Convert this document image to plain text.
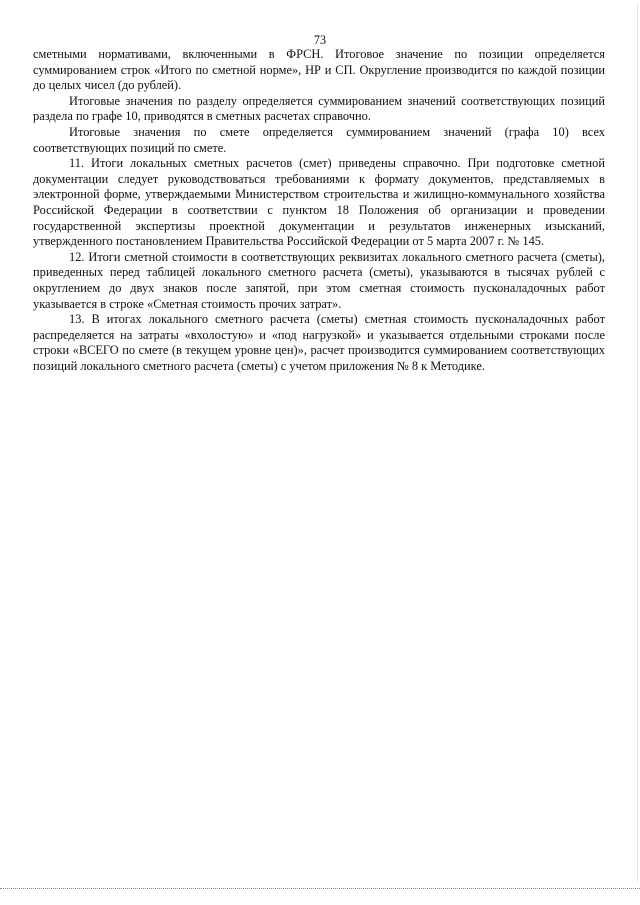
73

сметными нормативами, включенными в ФРСН. Итоговое значение по позиции определяется суммированием строк «Итого по сметной норме», НР и СП. Округление производится по каждой позиции до целых чисел (до рублей).

Итоговые значения по разделу определяется суммированием значений соответствующих позиций раздела по графе 10, приводятся в сметных расчетах справочно.

Итоговые значения по смете определяется суммированием значений (графа 10) всех соответствующих позиций по смете.

11. Итоги локальных сметных расчетов (смет) приведены справочно. При подготовке сметной документации следует руководствоваться требованиями к формату документов, представляемых в электронной форме, утверждаемыми Министерством строительства и жилищно-коммунального хозяйства Российской Федерации в соответствии с пунктом 18 Положения об организации и проведении государственной экспертизы проектной документации и результатов инженерных изысканий, утвержденного постановлением Правительства Российской Федерации от 5 марта 2007 г. № 145.

12. Итоги сметной стоимости в соответствующих реквизитах локального сметного расчета (сметы), приведенных перед таблицей локального сметного расчета (сметы), указываются в тысячах рублей с округлением до двух знаков после запятой, при этом сметная стоимость пусконаладочных работ указывается в строке «Сметная стоимость прочих затрат».

13. В итогах локального сметного расчета (сметы) сметная стоимость пусконаладочных работ распределяется на затраты «вхолостую» и «под нагрузкой» и указывается отдельными строками после строки «ВСЕГО по смете (в текущем уровне цен)», расчет производится суммированием соответствующих позиций локального сметного расчета (сметы) с учетом приложения № 8 к Методике.
